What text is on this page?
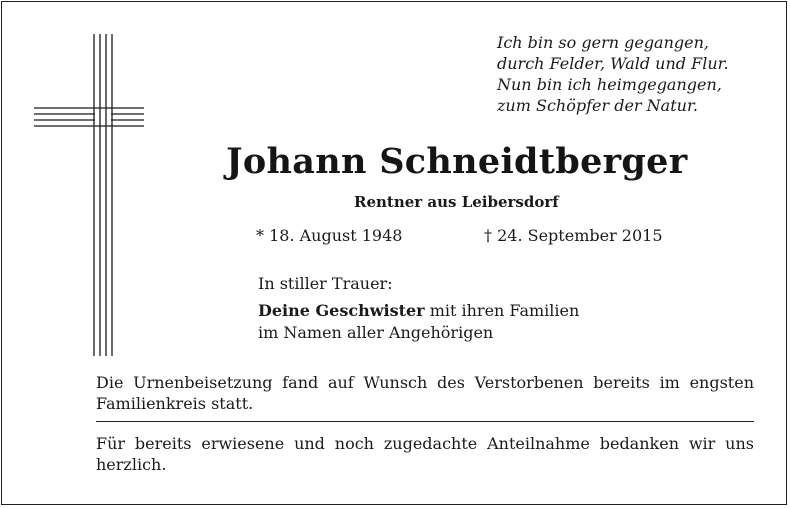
Ich bin so gern gegangen,
durch Felder, Wald und Flur.
Nun bin ich heimgegangen,
zum Schöpfer der Natur.
Johann Schneidtberger
Rentner aus Leibersdorf
* 18. August 1948	† 24. September 2015
In stiller Trauer:
Deine Geschwister mit ihren Familien
im Namen aller Angehörigen
Die Urnenbeisetzung fand auf Wunsch des Verstorbenen bereits im engsten Familienkreis statt.
Für bereits erwiesene und noch zugedachte Anteilnahme bedanken wir uns herzlich.
